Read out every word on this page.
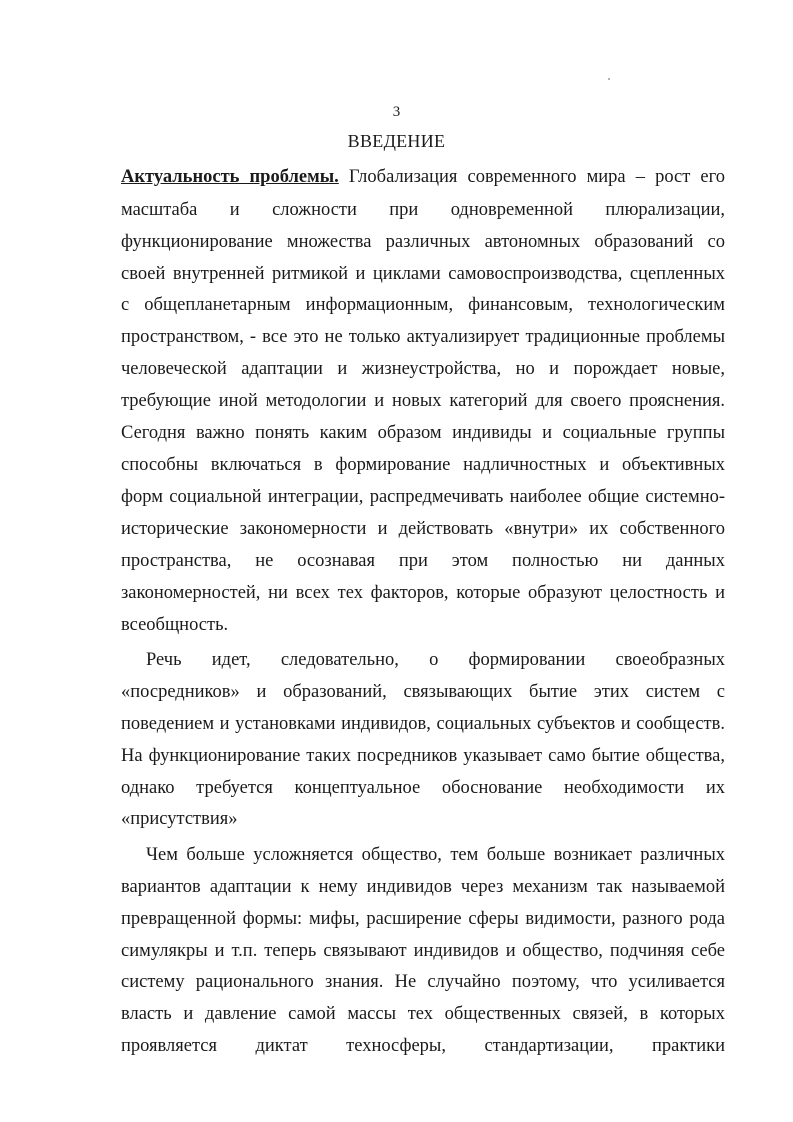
3
ВВЕДЕНИЕ
Актуальность проблемы. Глобализация современного мира – рост его
масштаба и сложности при одновременной плюрализации,
функционирование множества различных автономных образований со
своей внутренней ритмикой и циклами самовоспроизводства, сцепленных
с общепланетарным информационным, финансовым, технологическим
пространством, - все это не только актуализирует традиционные проблемы
человеческой адаптации и жизнеустройства, но и порождает новые,
требующие иной методологии и новых категорий для своего прояснения.
Сегодня важно понять каким образом индивиды и социальные группы
способны включаться в формирование надличностных и объективных
форм социальной интеграции, распредмечивать наиболее общие системно-
исторические закономерности и действовать «внутри» их собственного
пространства, не осознавая при этом полностью ни данных
закономерностей, ни всех тех факторов, которые образуют целостность и
всеобщность.
Речь идет, следовательно, о формировании своеобразных
«посредников» и образований, связывающих бытие этих систем с
поведением и установками индивидов, социальных субъектов и сообществ.
На функционирование таких посредников указывает само бытие общества,
однако требуется концептуальное обоснование необходимости их
«присутствия»
Чем больше усложняется общество, тем больше возникает различных
вариантов адаптации к нему индивидов через механизм так называемой
превращенной формы: мифы, расширение сферы видимости, разного рода
симулякры и т.п. теперь связывают индивидов и общество, подчиняя себе
систему рационального знания. Не случайно поэтому, что усиливается
власть и давление самой массы тех общественных связей, в которых
проявляется диктат техносферы, стандартизации, практики
